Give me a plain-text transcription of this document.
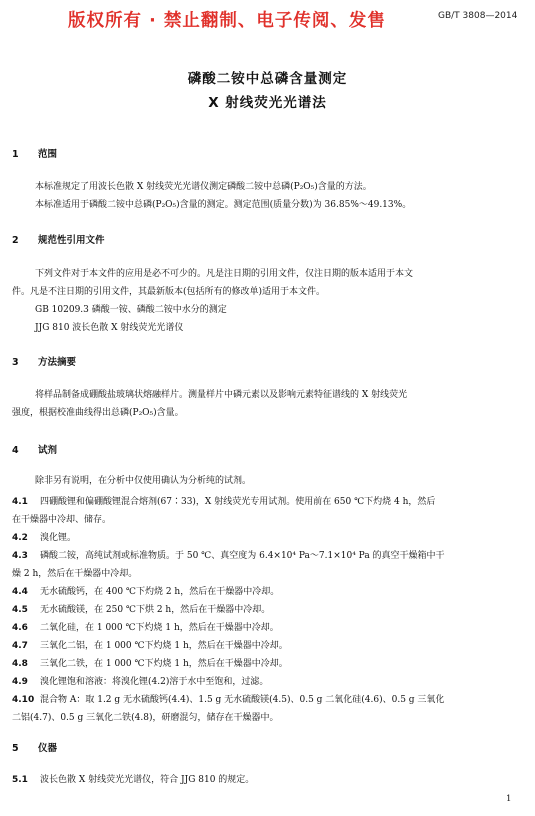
版权所有 · 禁止翻制、电子传阅、发售	GB/T 3808—2014
磷酸二铵中总磷含量测定
X 射线荧光光谱法
1 范围
本标准规定了用波长色散 X 射线荧光光谱仪测定磷酸二铵中总磷(P₂O₅)含量的方法。
本标准适用于磷酸二铵中总磷(P₂O₅)含量的测定。测定范围(质量分数)为 36.85%～49.13%。
2 规范性引用文件
下列文件对于本文件的应用是必不可少的。凡是注日期的引用文件，仅注日期的版本适用于本文
件。凡是不注日期的引用文件，其最新版本(包括所有的修改单)适用于本文件。
GB 10209.3 磷酸一铵、磷酸二铵中水分的测定
JJG 810 波长色散 X 射线荧光光谱仪
3 方法摘要
将样品制备成硼酸盐玻璃状熔融样片。测量样片中磷元素以及影响元素特征谱线的 X 射线荧光
强度，根据校准曲线得出总磷(P₂O₅)含量。
4 试剂
除非另有说明，在分析中仅使用确认为分析纯的试剂。
4.1 四硼酸锂和偏硼酸锂混合熔剂(67∶33)，X 射线荧光专用试剂。使用前在 650 ℃下灼烧 4 h，然后
在干燥器中冷却、储存。
4.2 溴化锂。
4.3 磷酸二铵，高纯试剂或标准物质。于 50 ℃、真空度为 6.4×10⁴ Pa～7.1×10⁴ Pa 的真空干燥箱中干
燥 2 h，然后在干燥器中冷却。
4.4 无水硫酸钙，在 400 ℃下灼烧 2 h，然后在干燥器中冷却。
4.5 无水硫酸镁，在 250 ℃下烘 2 h，然后在干燥器中冷却。
4.6 二氧化硅，在 1 000 ℃下灼烧 1 h，然后在干燥器中冷却。
4.7 三氧化二铝，在 1 000 ℃下灼烧 1 h，然后在干燥器中冷却。
4.8 三氧化二铁，在 1 000 ℃下灼烧 1 h，然后在干燥器中冷却。
4.9 溴化锂饱和溶液：将溴化锂(4.2)溶于水中至饱和，过滤。
4.10 混合物 A：取 1.2 g 无水硫酸钙(4.4)、1.5 g 无水硫酸镁(4.5)、0.5 g 二氧化硅(4.6)、0.5 g 三氧化
二铝(4.7)、0.5 g 三氧化二铁(4.8)，研磨混匀，储存在干燥器中。
5 仪器
5.1 波长色散 X 射线荧光光谱仪，符合 JJG 810 的规定。
1
